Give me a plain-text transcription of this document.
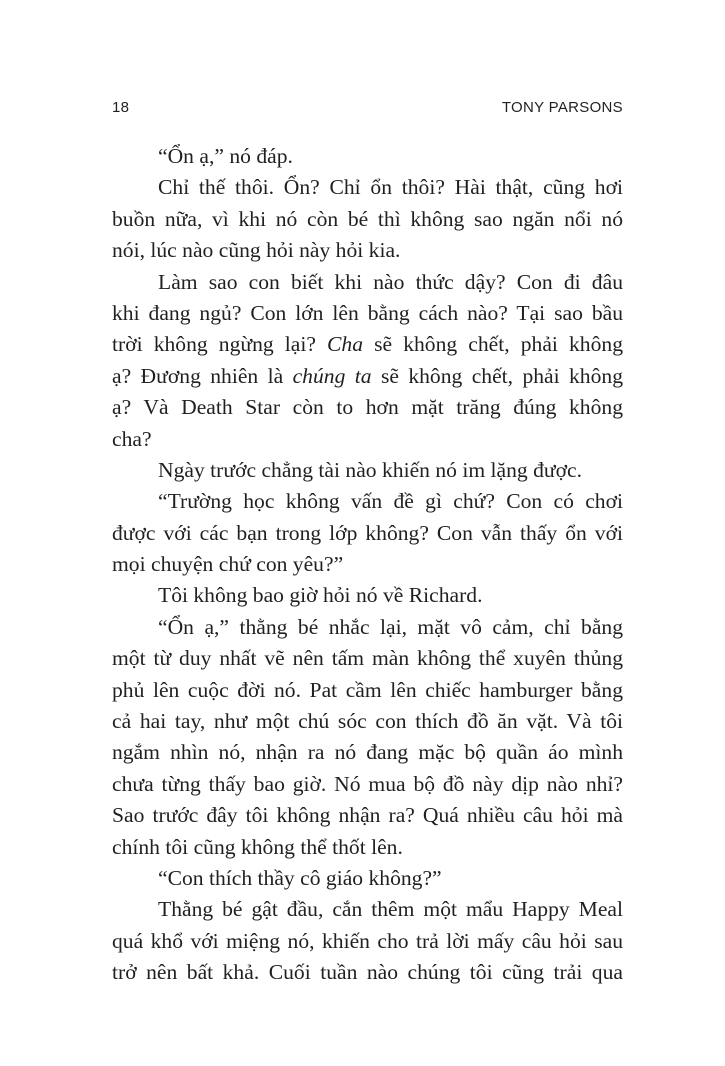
18	TONY PARSONS
“Ổn ạ,” nó đáp.
Chỉ thế thôi. Ổn? Chỉ ổn thôi? Hài thật, cũng hơi
buồn nữa, vì khi nó còn bé thì không sao ngăn nổi nó
nói, lúc nào cũng hỏi này hỏi kia.
Làm sao con biết khi nào thức dậy? Con đi đâu
khi đang ngủ? Con lớn lên bằng cách nào? Tại sao bầu
trời không ngừng lại? Cha sẽ không chết, phải không
ạ? Đương nhiên là chúng ta sẽ không chết, phải không
ạ? Và Death Star còn to hơn mặt trăng đúng không
cha?
Ngày trước chẳng tài nào khiến nó im lặng được.
“Trường học không vấn đề gì chứ? Con có chơi
được với các bạn trong lớp không? Con vẫn thấy ổn với
mọi chuyện chứ con yêu?”
Tôi không bao giờ hỏi nó về Richard.
“Ổn ạ,” thằng bé nhắc lại, mặt vô cảm, chỉ bằng
một từ duy nhất vẽ nên tấm màn không thể xuyên thủng
phủ lên cuộc đời nó. Pat cầm lên chiếc hamburger bằng
cả hai tay, như một chú sóc con thích đồ ăn vặt. Và tôi
ngắm nhìn nó, nhận ra nó đang mặc bộ quần áo mình
chưa từng thấy bao giờ. Nó mua bộ đồ này dịp nào nhỉ?
Sao trước đây tôi không nhận ra? Quá nhiều câu hỏi mà
chính tôi cũng không thể thốt lên.
“Con thích thầy cô giáo không?”
Thằng bé gật đầu, cắn thêm một mẩu Happy Meal
quá khổ với miệng nó, khiến cho trả lời mấy câu hỏi sau
trở nên bất khả. Cuối tuần nào chúng tôi cũng trải qua
